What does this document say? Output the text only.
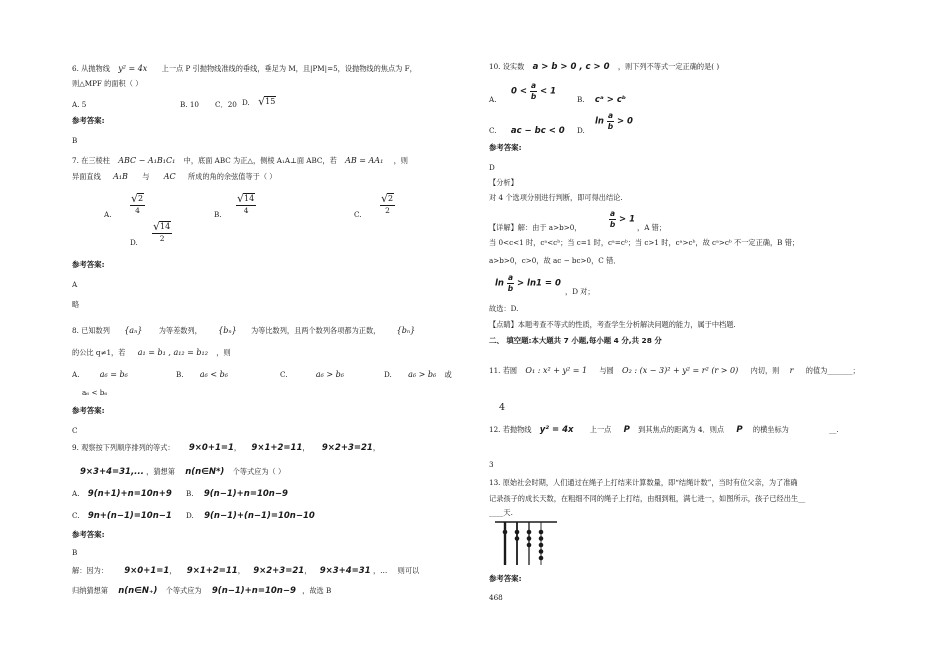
6. 从抛物线 y² = 4x 上一点 P 引抛物线准线的垂线，垂足为 M，且|PM|=5，设抛物线的焦点为 F，
则△MPF 的面积（ ）
A. 5	B. 10 C．20 D. √ 15
参考答案:
B
7. 在三棱柱 ABC − A₁B₁C₁ 中，底面 ABC 为正△，侧棱 A₁A⊥面 ABC，若 AB = AA₁ ，则
异面直线 A₁B 与 AC 所成的角的余弦值等于（ ）
A. $\frac{√ 2}{4}$	B. $\frac{√ 14}{4}$	C. $\frac{√ 2}{2}$
D. $\frac{√ 14}{2}$
参考答案:
A
略
8. 已知数列 {aₙ} 为等差数列， {bₙ} 为等比数列，且两个数列各项都为正数， {bₙ}
的公比 q≠1，若 a₁ = b₁ , a₁₂ = b₁₂ ，则
A.	a₆ = b₆	B. a₆ < b₆	C.	a₆ > b₆	D. a₆ > b₆ 或
a₆ < b₆
参考答案:
C
9. 观察按下列顺序排列的等式： 9×0+1=1， 9×1+2=11， 9×2+3=21，
9×3+4=31,... ，猜想第 n(n∈N*) 个等式应为（ ）
A. 9(n+1)+n=10n+9 B. 9(n−1)+n=10n−9
C. 9n+(n−1)=10n−1 D. 9(n−1)+(n−1)=10n−10
参考答案:
B
解：因为： 9×0+1=1， 9×1+2=11， 9×2+3=21， 9×3+4=31 ，… 则可以
归纳猜想第 n(n∈N₊) 个等式应为 9(n−1)+n=10n−9 ，故选 B
10. 设实数 a > b > 0 , c > 0 ，则下列不等式一定正确的是( )
A.
$0 < \frac{a}{b} < 1$
B. cᵃ > cᵇ
C. ac − bc < 0 D.
$\ln \frac{a}{b} > 0$
参考答案:
D
【分析】
对 4 个选项分别进行判断，即可得出结论.
【详解】解：由于 a>b>0，	$\frac{a}{b} > 1$
，A 错；
当 0<c<1 时，cᵃ<cᵇ；当 c=1 时，cᵃ=cᵇ；当 c>1 时，cᵃ>cᵇ，故 cᵃ>cᵇ 不一定正确，B 错；
a>b>0，c>0，故 ac − bc>0，C 错．
$\ln \frac{a}{b} > \ln 1 = 0$
，D 对；
故选：D.
【点睛】本题考查不等式的性质，考查学生分析解决问题的能力，属于中档题.
二、 填空题:本大题共 7 小题,每小题 4 分,共 28 分
11. 若圆 O₁ : x² + y² = 1 与圆 O₂ : (x − 3)² + y² = r² (r > 0) 内切，则 r 的值为_______；
4
12. 若抛物线 y² = 4x 上一点 P 到其焦点的距离为 4．则点 P 的横坐标为	__.
3
13. 原始社会时期，人们通过在绳子上打结来计算数量，即“结绳计数”，当时有位父亲，为了准确
记录孩子的成长天数，在粗细不同的绳子上打结，由细到粗，满七进一，如图所示，孩子已经出生__
____天.
参考答案:
468
